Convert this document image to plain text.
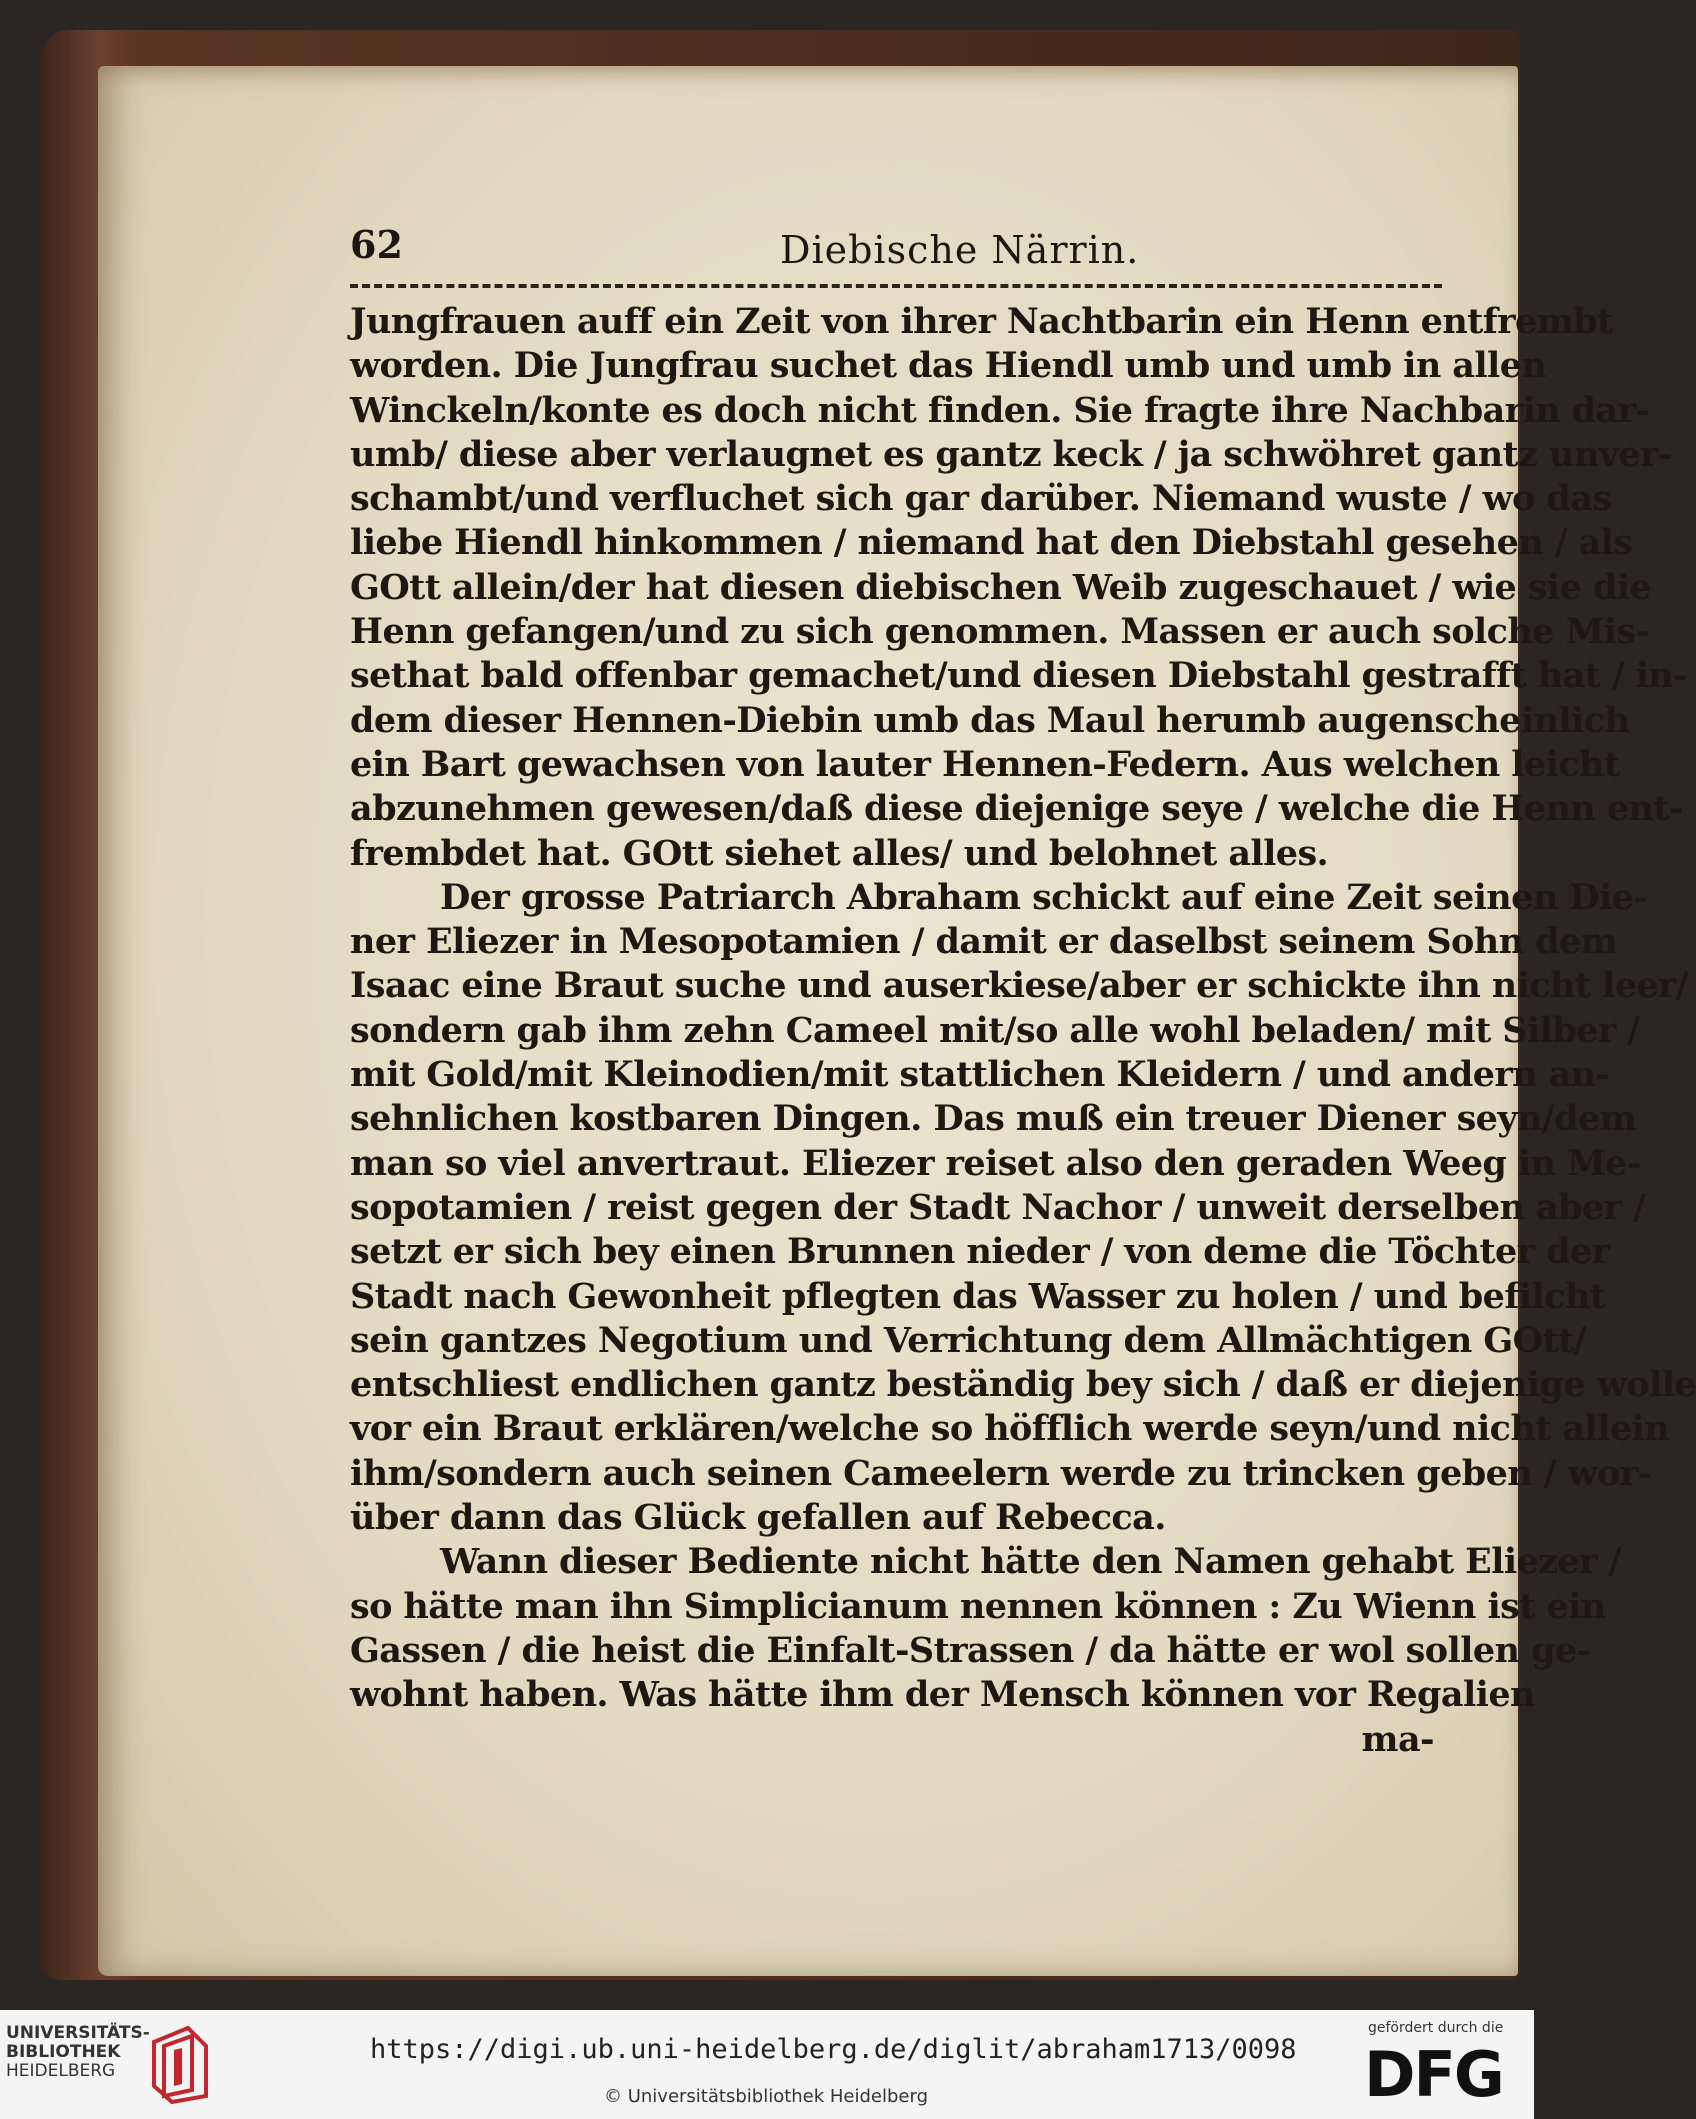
62	Diebische Närrin.
Jungfrauen auff ein Zeit von ihrer Nachtbarin ein Henn entfrembt
worden. Die Jungfrau suchet das Hiendl umb und umb in allen
Winckeln/konte es doch nicht finden. Sie fragte ihre Nachbarin dar-
umb/ diese aber verlaugnet es gantz keck / ja schwöhret gantz unver-
schambt/und verfluchet sich gar darüber. Niemand wuste / wo das
liebe Hiendl hinkommen / niemand hat den Diebstahl gesehen / als
GOtt allein/der hat diesen diebischen Weib zugeschauet / wie sie die
Henn gefangen/und zu sich genommen. Massen er auch solche Mis-
sethat bald offenbar gemachet/und diesen Diebstahl gestrafft hat / in-
dem dieser Hennen-Diebin umb das Maul herumb augenscheinlich
ein Bart gewachsen von lauter Hennen-Federn. Aus welchen leicht
abzunehmen gewesen/daß diese diejenige seye / welche die Henn ent-
frembdet hat. GOtt siehet alles/ und belohnet alles.
Der grosse Patriarch Abraham schickt auf eine Zeit seinen Die-
ner Eliezer in Mesopotamien / damit er daselbst seinem Sohn dem
Isaac eine Braut suche und auserkiese/aber er schickte ihn nicht leer/
sondern gab ihm zehn Cameel mit/so alle wohl beladen/ mit Silber /
mit Gold/mit Kleinodien/mit stattlichen Kleidern / und andern an-
sehnlichen kostbaren Dingen. Das muß ein treuer Diener seyn/dem
man so viel anvertraut. Eliezer reiset also den geraden Weeg in Me-
sopotamien / reist gegen der Stadt Nachor / unweit derselben aber /
setzt er sich bey einen Brunnen nieder / von deme die Töchter der
Stadt nach Gewonheit pflegten das Wasser zu holen / und befilcht
sein gantzes Negotium und Verrichtung dem Allmächtigen GOtt/
entschliest endlichen gantz beständig bey sich / daß er diejenige wolle
vor ein Braut erklären/welche so höfflich werde seyn/und nicht allein
ihm/sondern auch seinen Cameelern werde zu trincken geben / wor-
über dann das Glück gefallen auf Rebecca.
Wann dieser Bediente nicht hätte den Namen gehabt Eliezer /
so hätte man ihn Simplicianum nennen können : Zu Wienn ist ein
Gassen / die heist die Einfalt-Strassen / da hätte er wol sollen ge-
wohnt haben. Was hätte ihm der Mensch können vor Regalien
ma-
UNIVERSITÄTS-
BIBLIOTHEK
HEIDELBERG
https://digi.ub.uni-heidelberg.de/diglit/abraham1713/0098
© Universitätsbibliothek Heidelberg
gefördert durch die
DFG
